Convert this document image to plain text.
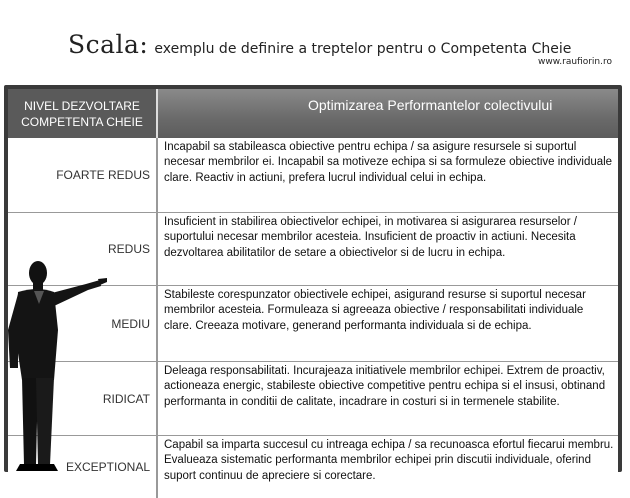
Scala: exemplu de definire a treptelor pentru o Competenta Cheie
www.raufiorin.ro
NIVEL DEZVOLTARE COMPETENTA CHEIE	Optimizarea Performantelor colectivului
FOARTE REDUS	Incapabil sa stabileasca obiective pentru echipa / sa asigure resursele si suportul necesar membrilor ei. Incapabil sa motiveze echipa si sa formuleze obiective individuale clare. Reactiv in actiuni, prefera lucrul individual celui in echipa.
REDUS	Insuficient in stabilirea obiectivelor echipei, in motivarea si asigurarea resurselor / suportului necesar membrilor acesteia. Insuficient de proactiv in actiuni. Necesita dezvoltarea abilitatilor de setare a obiectivelor si de lucru in echipa.
MEDIU	Stabileste corespunzator obiectivele echipei, asigurand resurse si suportul necesar membrilor acesteia. Formuleaza si agreeaza obiective / responsabilitati individuale clare. Creeaza motivare, generand performanta individuala si de echipa.
RIDICAT	Deleaga responsabilitati. Incurajeaza initiativele membrilor echipei. Extrem de proactiv, actioneaza energic, stabileste obiective competitive pentru echipa si el insusi, obtinand performanta in conditii de calitate, incadrare in costuri si in termenele stabilite.
EXCEPTIONAL	Capabil sa imparta succesul cu intreaga echipa / sa recunoasca efortul fiecarui membru. Evalueaza sistematic performanta membrilor echipei prin discutii individuale, oferind suport continuu de apreciere si corectare.
